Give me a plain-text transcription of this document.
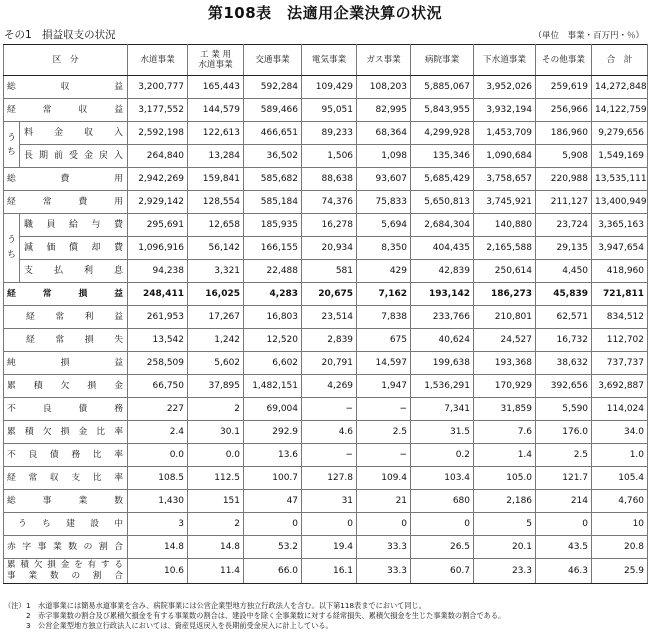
第108表　法適用企業決算の状況
その1　損益収支の状況	（単位　事業・百万円・％）
区　分		水道事業	工 業 用
水道事業	交通事業	電気事業	ガス事業	病院事業	下水道事業	その他事業	合　計
総収益		3,200,777	165,443	592,284	109,429	108,203	5,885,067	3,952,026	259,619	14,272,848
経常収益		3,177,552	144,579	589,466	95,051	82,995	5,843,955	3,932,194	256,966	14,122,759

う
ち	料金収入	2,592,198	122,613	466,651	89,233	68,364	4,299,928	1,453,709	186,960	9,279,656
	長期前受金戻入	264,840	13,284	36,502	1,506	1,098	135,346	1,090,684	5,908	1,549,169
総費用		2,942,269	159,841	585,682	88,638	93,607	5,685,429	3,758,657	220,988	13,535,111
経常費用		2,929,142	128,554	585,184	74,376	75,833	5,650,813	3,745,921	211,127	13,400,949

う
ち	職員給与費	295,691	12,658	185,935	16,278	5,694	2,684,304	140,880	23,724	3,365,163
	減価償却費	1,096,916	56,142	166,155	20,934	8,350	404,435	2,165,588	29,135	3,947,654
	支払利息	94,238	3,321	22,488	581	429	42,839	250,614	4,450	418,960
経常損益		248,411	16,025	4,283	20,675	7,162	193,142	186,273	45,839	721,811
経常利益		261,953	17,267	16,803	23,514	7,838	233,766	210,801	62,571	834,512
経常損失		13,542	1,242	12,520	2,839	675	40,624	24,527	16,732	112,702
純損益		258,509	5,602	6,602	20,791	14,597	199,638	193,368	38,632	737,737
累積欠損金		66,750	37,895	1,482,151	4,269	1,947	1,536,291	170,929	392,656	3,692,887
不良債務		227	2	69,004	−	−	7,341	31,859	5,590	114,024
累積欠損金比率		2.4	30.1	292.9	4.6	2.5	31.5	7.6	176.0	34.0
不良債務比率		0.0	0.0	13.6	−	−	0.2	1.4	2.5	1.0
経常収支比率		108.5	112.5	100.7	127.8	109.4	103.4	105.0	121.7	105.4
総事業数		1,430	151	47	31	21	680	2,186	214	4,760
うち建設中		3	2	0	0	0	0	5	0	10
赤字事業数の割合		14.8	14.8	53.2	19.4	33.3	26.5	20.1	43.5	20.8

累積欠損金を有する
事業数の割合		10.6	11.4	66.0	16.1	33.3	60.7	23.3	46.3	25.9
（注） 1	水道事業には簡易水道事業を含み、病院事業には公営企業型地方独立行政法人を含む。以下第118表までにおいて同じ。
2	赤字事業数の割合及び累積欠損金を有する事業数の割合は、建設中を除く全事業数に対する経常損失、累積欠損金を生じた事業数の割合である。
3	公営企業型地方独立行政法人においては、資産見返戻入を長期前受金戻入に計上している。
